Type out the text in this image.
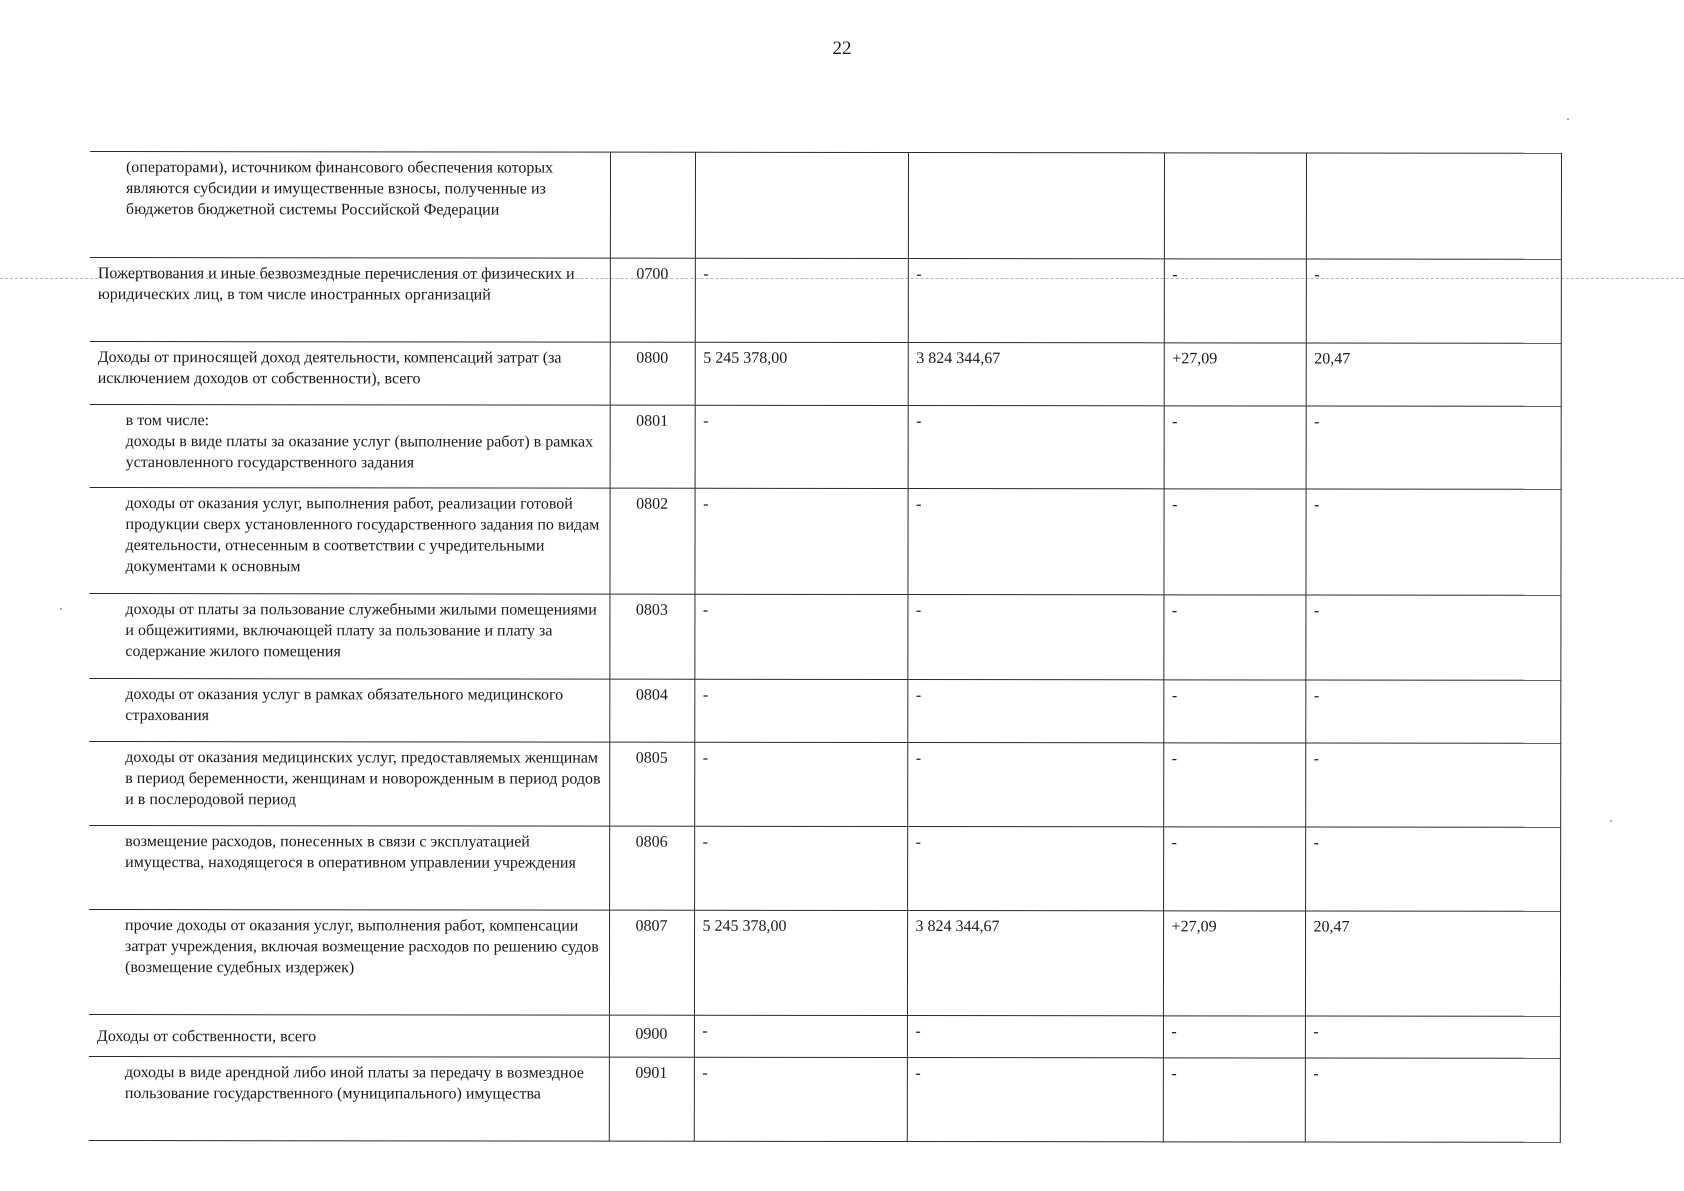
22
(операторами), источником финансового обеспечения которых являются субсидии и имущественные взносы, полученные из бюджетов бюджетной системы Российской Федерации					
Пожертвования и иные безвозмездные перечисления от физических и юридических лиц, в том числе иностранных организаций	0700	-	-	-	-
Доходы от приносящей доход деятельности, компенсаций затрат (за исключением доходов от собственности), всего	0800	5 245 378,00	3 824 344,67	+27,09	20,47

в том числе:
доходы в виде платы за оказание услуг (выполнение работ) в рамках установленного государственного задания	0801	-	-	-	-
доходы от оказания услуг, выполнения работ, реализации готовой продукции сверх установленного государственного задания по видам деятельности, отнесенным в соответствии с учредительными документами к основным	0802	-	-	-	-
доходы от платы за пользование служебными жилыми помещениями и общежитиями, включающей плату за пользование и плату за содержание жилого помещения	0803	-	-	-	-
доходы от оказания услуг в рамках обязательного медицинского страхования	0804	-	-	-	-
доходы от оказания медицинских услуг, предоставляемых женщинам в период беременности, женщинам и новорожденным в период родов и в послеродовой период	0805	-	-	-	-
возмещение расходов, понесенных в связи с эксплуатацией имущества, находящегося в оперативном управлении учреждения	0806	-	-	-	-
прочие доходы от оказания услуг, выполнения работ, компенсации затрат учреждения, включая возмещение расходов по решению судов (возмещение судебных издержек)	0807	5 245 378,00	3 824 344,67	+27,09	20,47
Доходы от собственности, всего	0900	-	-	-	-
доходы в виде арендной либо иной платы за передачу в возмездное пользование государственного (муниципального) имущества	0901	-	-	-	-
